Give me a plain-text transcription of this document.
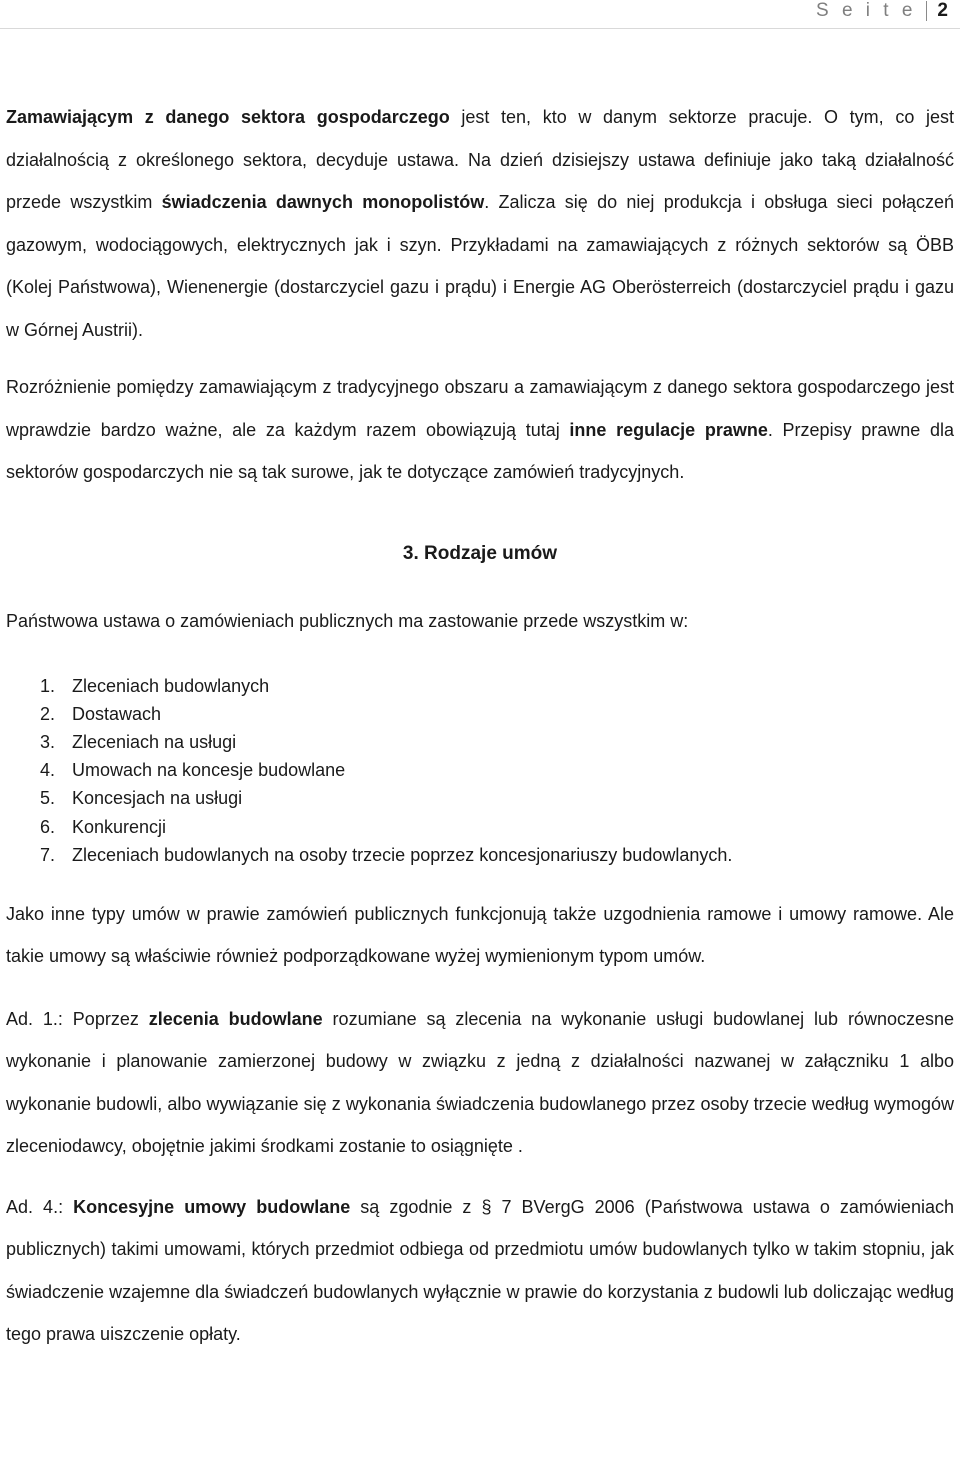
S e i t e 2

Zamawiającym z danego sektora gospodarczego jest ten, kto w danym sektorze pracuje. O tym, co jest działalnością z określonego sektora, decyduje ustawa. Na dzień dzisiejszy ustawa definiuje jako taką działalność przede wszystkim świadczenia dawnych monopolistów. Zalicza się do niej produkcja i obsługa sieci połączeń gazowym, wodociągowych, elektrycznych jak i szyn. Przykładami na zamawiających z różnych sektorów są ÖBB (Kolej Państwowa), Wienenergie (dostarczyciel gazu i prądu) i Energie AG Oberösterreich (dostarczyciel prądu i gazu w Górnej Austrii).

Rozróżnienie pomiędzy zamawiającym z tradycyjnego obszaru a zamawiającym z danego sektora gospodarczego jest wprawdzie bardzo ważne, ale za każdym razem obowiązują tutaj inne regulacje prawne. Przepisy prawne dla sektorów gospodarczych nie są tak surowe, jak te dotyczące zamówień tradycyjnych.

3. Rodzaje umów

Państwowa ustawa o zamówieniach publicznych ma zastowanie przede wszystkim w:

1. Zleceniach budowlanych
2. Dostawach
3. Zleceniach na usługi
4. Umowach na koncesje budowlane
5. Koncesjach na usługi
6. Konkurencji
7. Zleceniach budowlanych na osoby trzecie poprzez koncesjonariuszy budowlanych.

Jako inne typy umów w prawie zamówień publicznych funkcjonują także uzgodnienia ramowe i umowy ramowe. Ale takie umowy są właściwie również podporządkowane wyżej wymienionym typom umów.

Ad. 1.: Poprzez zlecenia budowlane rozumiane są zlecenia na wykonanie usługi budowlanej lub równoczesne wykonanie i planowanie zamierzonej budowy w związku z jedną z działalności nazwanej w załączniku 1 albo wykonanie budowli, albo wywiązanie się z wykonania świadczenia budowlanego przez osoby trzecie według wymogów zleceniodawcy, obojętnie jakimi środkami zostanie to osiągnięte .

Ad. 4.: Koncesyjne umowy budowlane są zgodnie z § 7 BVergG 2006 (Państwowa ustawa o zamówieniach publicznych) takimi umowami, których przedmiot odbiega od przedmiotu umów budowlanych tylko w takim stopniu, jak świadczenie wzajemne dla świadczeń budowlanych wyłącznie w prawie do korzystania z budowli lub doliczając według tego prawa uiszczenie opłaty.
